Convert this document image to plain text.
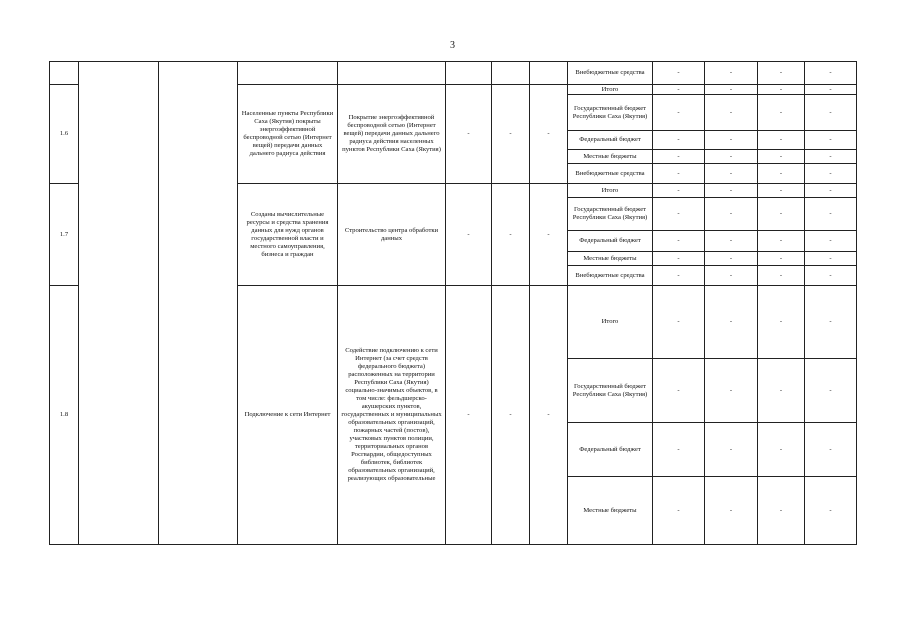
3
								Внебюджетные средства	-	-	-	-
1.6			Населенные пункты Республики Саха (Якутия) покрыты энергоэффективной беспроводной сетью (Интернет вещей) передачи данных дальнего радиуса действия	Покрытие энергоэффективной беспроводной сетью (Интернет вещей) передачи данных дальнего радиуса действия населенных пунктов Республики Саха (Якутия)	-	-	-	Итого	-	-	-	-
								Государственный бюджет Республики Саха (Якутия)	-	-	-	-
								Федеральный бюджет	-	-	-	-
								Местные бюджеты	-	-	-	-
								Внебюджетные средства	-	-	-	-
1.7			Созданы вычислительные ресурсы и средства хранения данных для нужд органов государственной власти и местного самоуправления, бизнеса и граждан	Строительство центра обработки данных	-	-	-	Итого	-	-	-	-
								Государственный бюджет Республики Саха (Якутия)	-	-	-	-
								Федеральный бюджет	-	-	-	-
								Местные бюджеты	-	-	-	-
								Внебюджетные средства	-	-	-	-
1.8			Подключение к сети Интернет	Содействие подключению к сети Интернет (за счет средств федерального бюджета) расположенных на территории Республики Саха (Якутия) социально-значимых объектов, в том числе: фельдшерско-акушерских пунктов, государственных и муниципальных образовательных организаций, пожарных частей (постов), участковых пунктов полиции, территориальных органов Росгвардии, общедоступных библиотек, библиотек образовательных организаций, реализующих образовательные	-	-	-	Итого	-	-	-	-
								Государственный бюджет Республики Саха (Якутия)	-	-	-	-
								Федеральный бюджет	-	-	-	-
								Местные бюджеты	-	-	-	-
